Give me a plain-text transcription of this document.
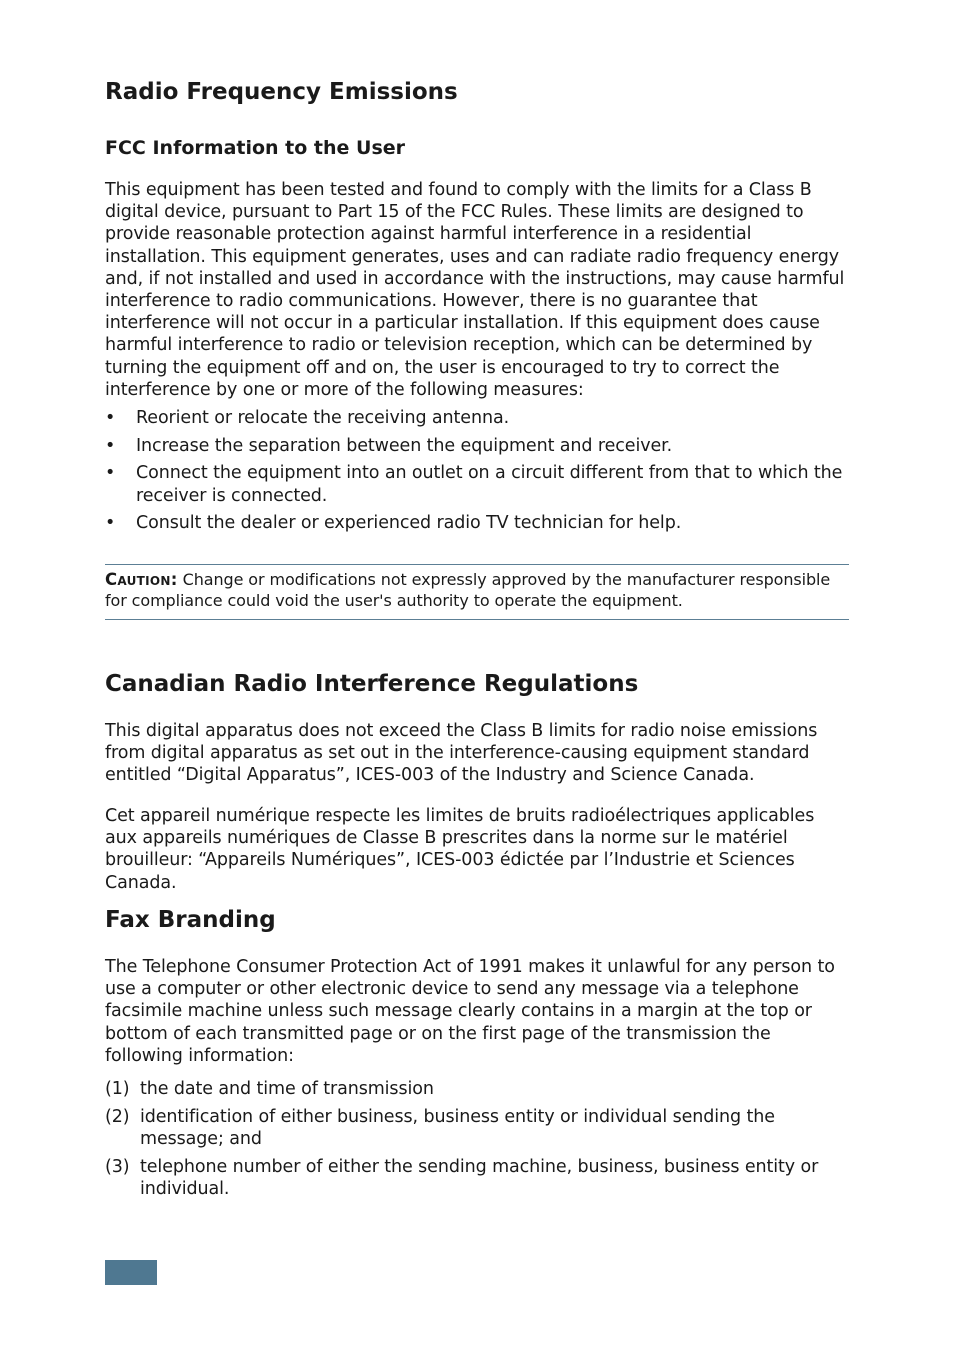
Radio Frequency Emissions
FCC Information to the User

This equipment has been tested and found to comply with the limits for a Class B digital device, pursuant to Part 15 of the FCC Rules. These limits are designed to provide reasonable protection against harmful interference in a residential installation. This equipment generates, uses and can radiate radio frequency energy and, if not installed and used in accordance with the instructions, may cause harmful interference to radio communications. However, there is no guarantee that interference will not occur in a particular installation. If this equipment does cause harmful interference to radio or television reception, which can be determined by turning the equipment off and on, the user is encouraged to try to correct the interference by one or more of the following measures:

• Reorient or relocate the receiving antenna.
• Increase the separation between the equipment and receiver.
• Connect the equipment into an outlet on a circuit different from that to which the receiver is connected.
• Consult the dealer or experienced radio TV technician for help.
Caution: Change or modifications not expressly approved by the manufacturer responsible for compliance could void the user's authority to operate the equipment.
Canadian Radio Interference Regulations

This digital apparatus does not exceed the Class B limits for radio noise emissions from digital apparatus as set out in the interference-causing equipment standard entitled “Digital Apparatus”, ICES-003 of the Industry and Science Canada.

Cet appareil numérique respecte les limites de bruits radioélectriques applicables aux appareils numériques de Classe B prescrites dans la norme sur le matériel brouilleur: “Appareils Numériques”, ICES-003 édictée par l’Industrie et Sciences Canada.

Fax Branding

The Telephone Consumer Protection Act of 1991 makes it unlawful for any person to use a computer or other electronic device to send any message via a telephone facsimile machine unless such message clearly contains in a margin at the top or bottom of each transmitted page or on the first page of the transmission the following information:

(1) the date and time of transmission
(2) identification of either business, business entity or individual sending the message; and
(3) telephone number of either the sending machine, business, business entity or individual.
